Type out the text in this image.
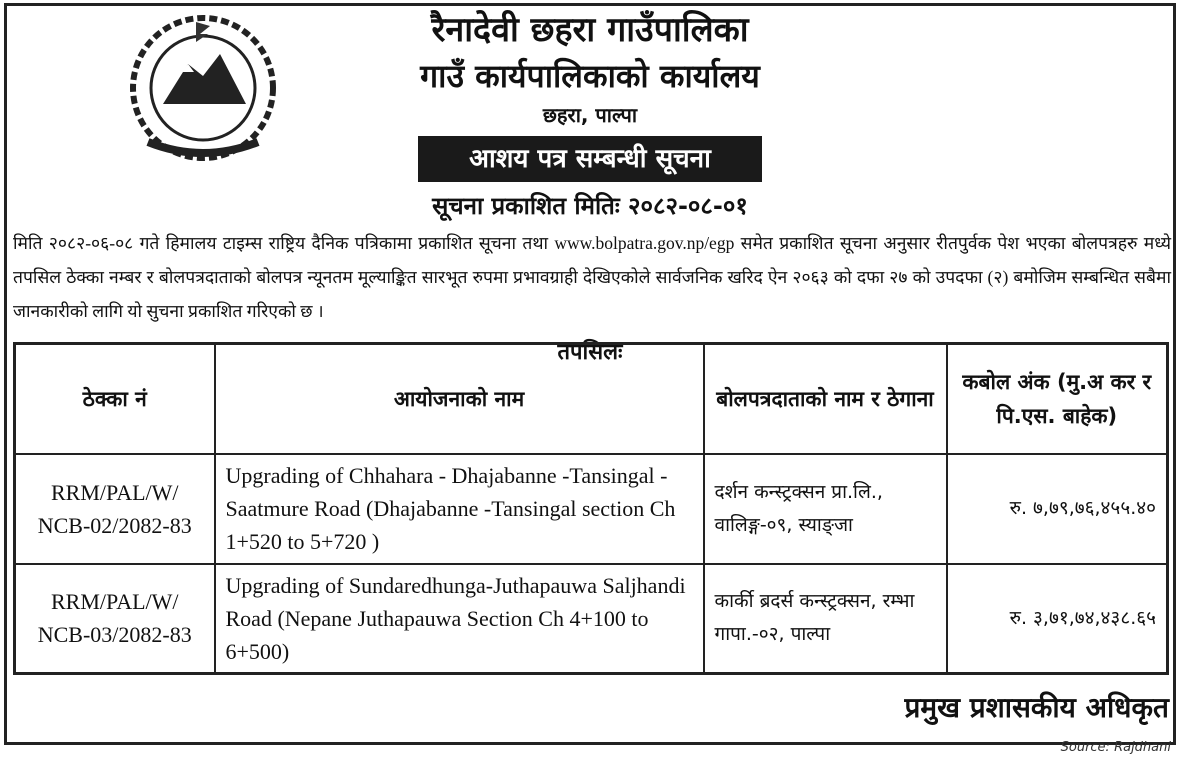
रैनादेवी छहरा गाउँपालिका
गाउँ कार्यपालिकाको कार्यालय
छहरा, पाल्पा
आशय पत्र सम्बन्धी सूचना
सूचना प्रकाशित मितिः २०८२-०८-०१
मिति २०८२-०६-०८ गते हिमालय टाइम्स राष्ट्रिय दैनिक पत्रिकामा प्रकाशित सूचना तथा www.bolpatra.gov.np/egp समेत प्रकाशित सूचना अनुसार रीतपुर्वक पेश भएका बोलपत्रहरु मध्ये तपसिल ठेक्का नम्बर र बोलपत्रदाताको बोलपत्र न्यूनतम मूल्याङ्कित सारभूत रुपमा प्रभावग्राही देखिएकोले सार्वजनिक खरिद ऐन २०६३ को दफा २७ को उपदफा (२) बमोजिम सम्बन्धित सबैमा जानकारीको लागि यो सुचना प्रकाशित गरिएको छ ।
तपसिलः
ठेक्का नं	आयोजनाको नाम	बोलपत्रदाताको नाम र ठेगाना	कबोल अंक (मु.अ कर र पि.एस. बाहेक)
RRM/PAL/W/ NCB-02/2082-83	Upgrading of Chhahara - Dhajabanne -Tansingal - Saatmure Road (Dhajabanne -Tansingal section Ch 1+520 to 5+720 )	दर्शन कन्स्ट्रक्सन प्रा.लि., वालिङ्ग-०९, स्याङ्जा	रु. ७,७९,७६,४५५.४०
RRM/PAL/W/ NCB-03/2082-83	Upgrading of Sundaredhunga-Juthapauwa Saljhandi Road (Nepane Juthapauwa Section Ch 4+100 to 6+500)	कार्की ब्रदर्स कन्स्ट्रक्सन, रम्भा गापा.-०२, पाल्पा	रु. ३,७१,७४,४३८.६५
प्रमुख प्रशासकीय अधिकृत
Source: Rajdhani
